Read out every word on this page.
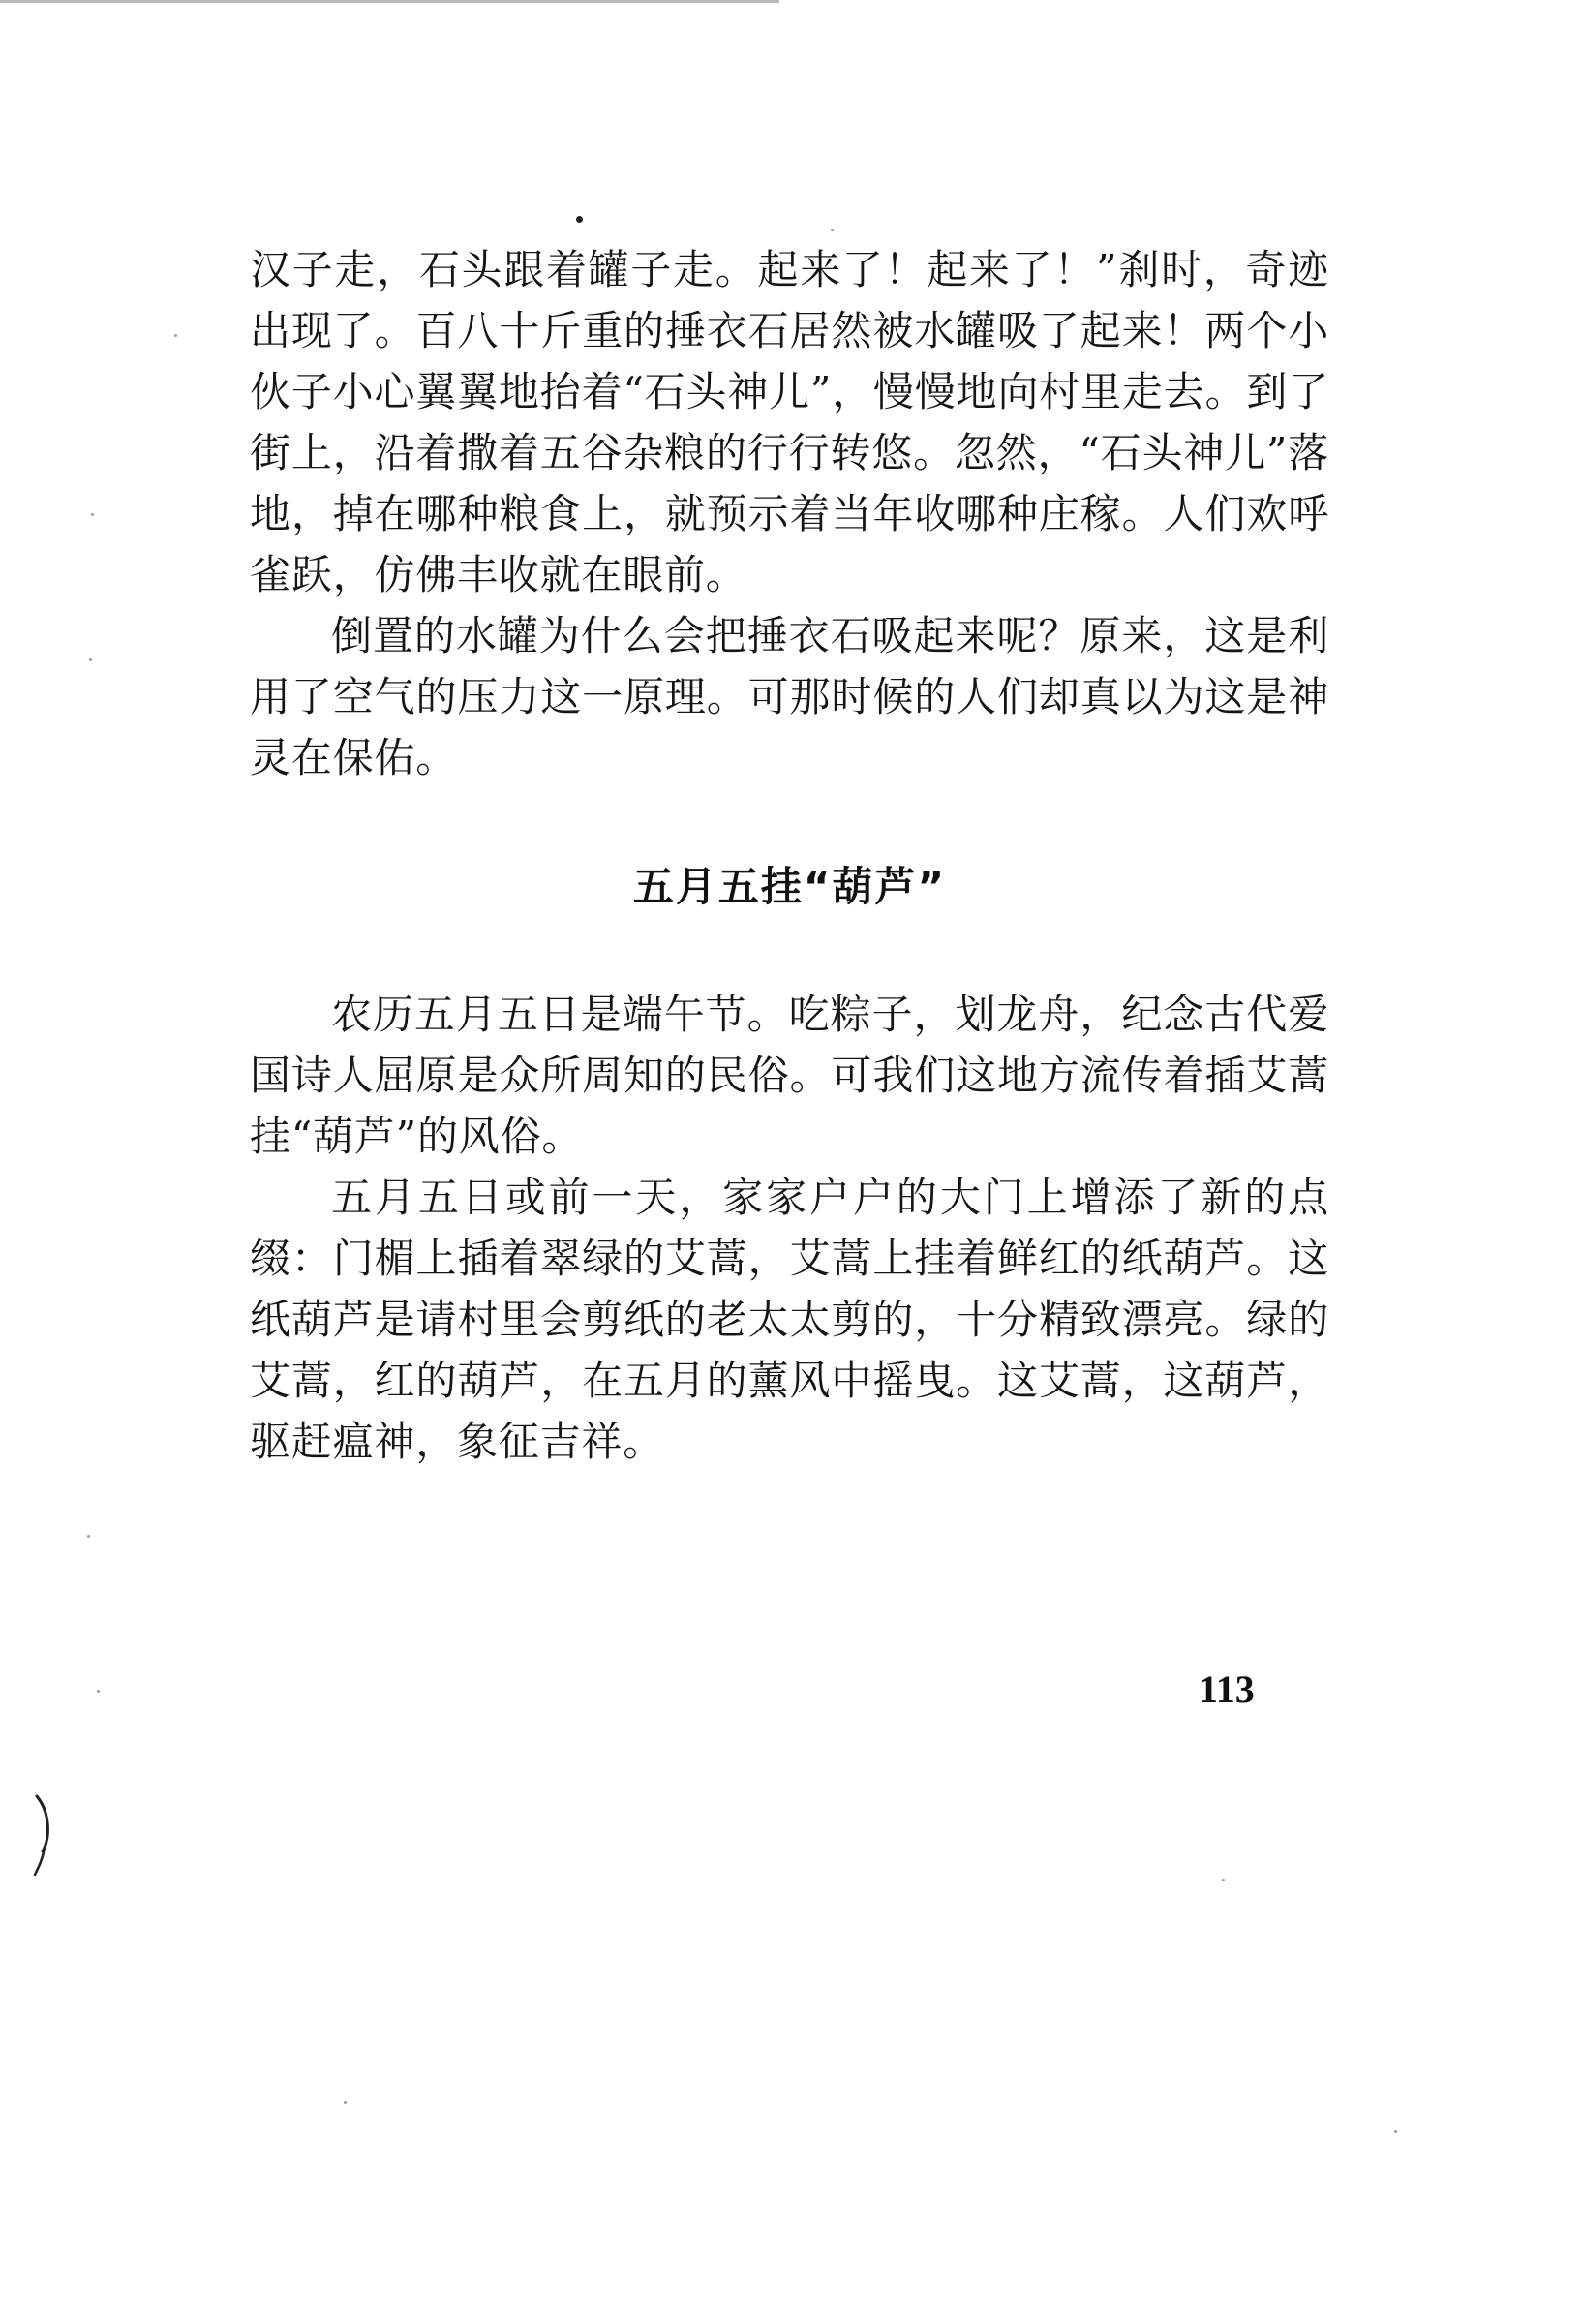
汉子走，石头跟着罐子走。起来了！起来了！”刹时，奇迹出现了。百八十斤重的捶衣石居然被水罐吸了起来！两个小伙子小心翼翼地抬着“石头神儿”，慢慢地向村里走去。到了街上，沿着撒着五谷杂粮的行行转悠。忽然，“石头神儿”落地，掉在哪种粮食上，就预示着当年收哪种庄稼。人们欢呼雀跃，仿佛丰收就在眼前。

倒置的水罐为什么会把捶衣石吸起来呢？原来，这是利用了空气的压力这一原理。可那时候的人们却真以为这是神灵在保佑。

五月五挂“葫芦”

农历五月五日是端午节。吃粽子，划龙舟，纪念古代爱国诗人屈原是众所周知的民俗。可我们这地方流传着插艾蒿挂“葫芦”的风俗。

五月五日或前一天，家家户户的大门上增添了新的点缀：门楣上插着翠绿的艾蒿，艾蒿上挂着鲜红的纸葫芦。这纸葫芦是请村里会剪纸的老太太剪的，十分精致漂亮。绿的艾蒿，红的葫芦，在五月的薰风中摇曳。这艾蒿，这葫芦，驱赶瘟神，象征吉祥。

113
